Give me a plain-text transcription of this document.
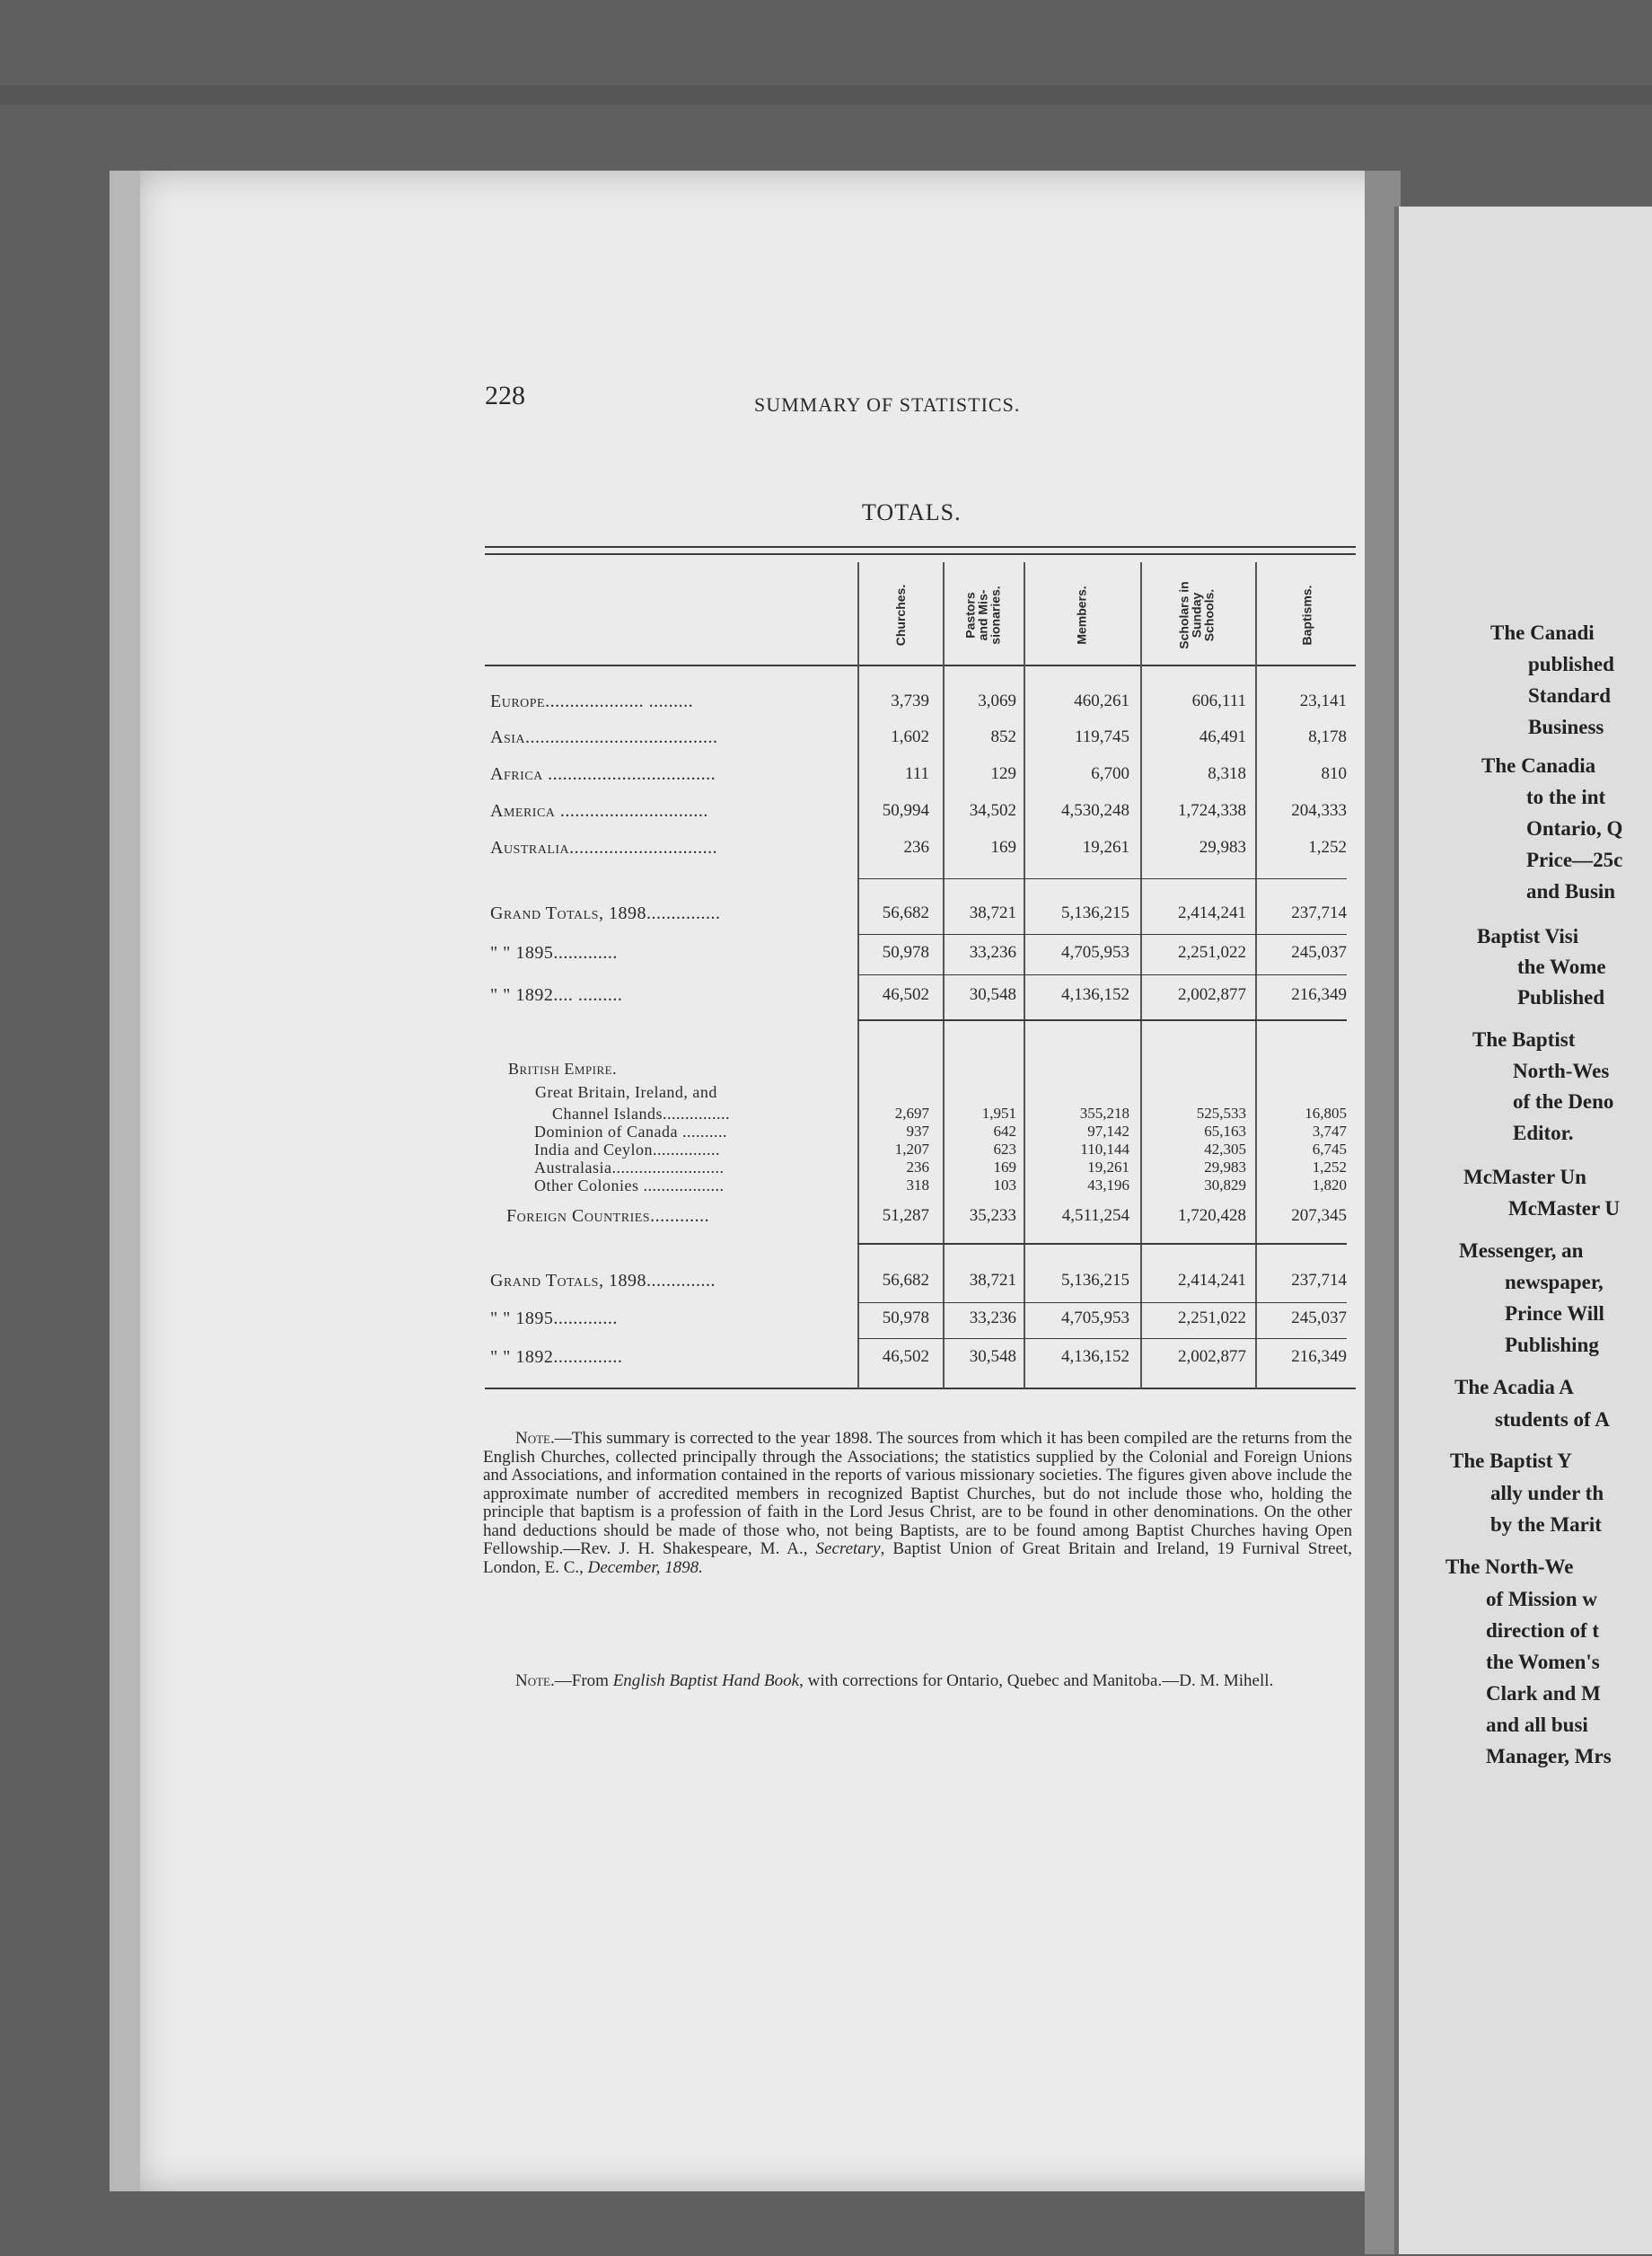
228	SUMMARY OF STATISTICS.
TOTALS.
Churches.	Pastors
and Mis-
sionaries.	Members.	Scholars in
Sunday
Schools.	Baptisms.
Europe.................... .........	3,739	3,069	460,261	606,111	23,141
Asia.......................................	1,602	852	119,745	46,491	8,178
Africa ..................................	111	129	6,700	8,318	810
America ..............................	50,994	34,502	4,530,248	1,724,338	204,333
Australia..............................	236	169	19,261	29,983	1,252
Grand Totals, 1898...............	56,682	38,721	5,136,215	2,414,241	237,714
" " 1895.............	50,978	33,236	4,705,953	2,251,022	245,037
" " 1892.... .........	46,502	30,548	4,136,152	2,002,877	216,349
British Empire.
Great Britain, Ireland, and
Channel Islands...............	2,697	1,951	355,218	525,533	16,805
Dominion of Canada ..........	937	642	97,142	65,163	3,747
India and Ceylon...............	1,207	623	110,144	42,305	6,745
Australasia.........................	236	169	19,261	29,983	1,252
Other Colonies ..................	318	103	43,196	30,829	1,820
Foreign Countries............	51,287	35,233	4,511,254	1,720,428	207,345
Grand Totals, 1898..............	56,682	38,721	5,136,215	2,414,241	237,714
" " 1895.............	50,978	33,236	4,705,953	2,251,022	245,037
" " 1892..............	46,502	30,548	4,136,152	2,002,877	216,349
Note.—This summary is corrected to the year 1898. The sources from which it has been compiled are the returns from the English Churches, collected principally through the Associations; the statistics supplied by the Colonial and Foreign Unions and Associations, and information contained in the reports of various missionary societies. The figures given above include the approximate number of accredited members in recognized Baptist Churches, but do not include those who, holding the principle that baptism is a profession of faith in the Lord Jesus Christ, are to be found in other denominations. On the other hand deductions should be made of those who, not being Baptists, are to be found among Baptist Churches having Open Fellowship.—Rev. J. H. Shakespeare, M. A., Secretary, Baptist Union of Great Britain and Ireland, 19 Furnival Street, London, E. C., December, 1898.
Note.—From English Baptist Hand Book, with corrections for Ontario, Quebec and Manitoba.—D. M. Mihell.
The Canadi
published
Standard
Business
The Canadia
to the int
Ontario, Q
Price—25c
and Busin
Baptist Visi
the Wome
Published
The Baptist
North-Wes
of the Deno
Editor.
McMaster Un
McMaster U
Messenger, an
newspaper,
Prince Will
Publishing
The Acadia A
students of A
The Baptist Y
ally under th
by the Marit
The North-We
of Mission w
direction of t
the Women's
Clark and M
and all busi
Manager, Mrs
